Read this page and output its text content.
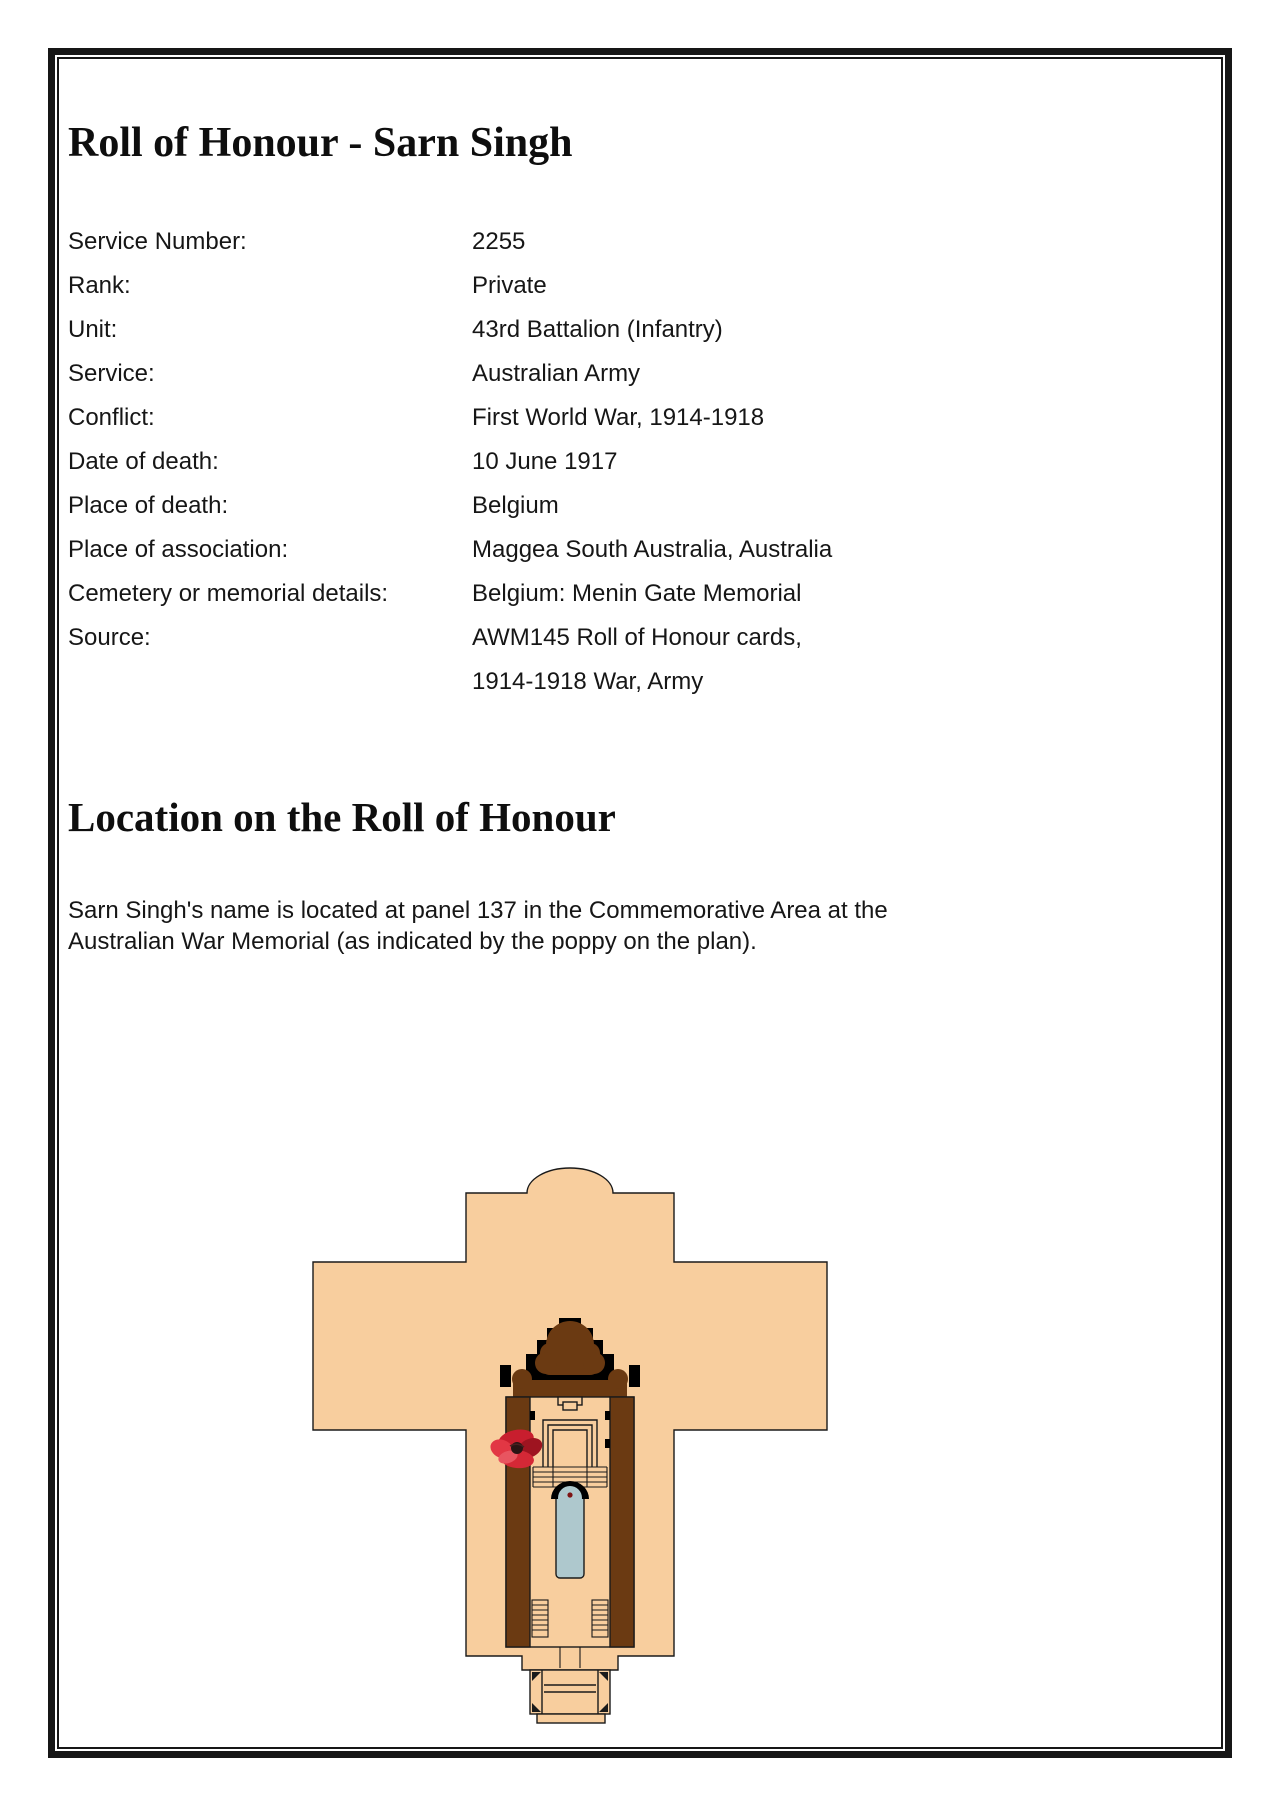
Roll of Honour - Sarn Singh
Service Number:	2255
Rank:	Private
Unit:	43rd Battalion (Infantry)
Service:	Australian Army
Conflict:	First World War, 1914-1918
Date of death:	10 June 1917
Place of death:	Belgium
Place of association:	Maggea South Australia, Australia
Cemetery or memorial details:	Belgium: Menin Gate Memorial
Source:	AWM145 Roll of Honour cards,
1914-1918 War, Army
Location on the Roll of Honour
Sarn Singh's name is located at panel 137 in the Commemorative Area at the Australian War Memorial (as indicated by the poppy on the plan).
